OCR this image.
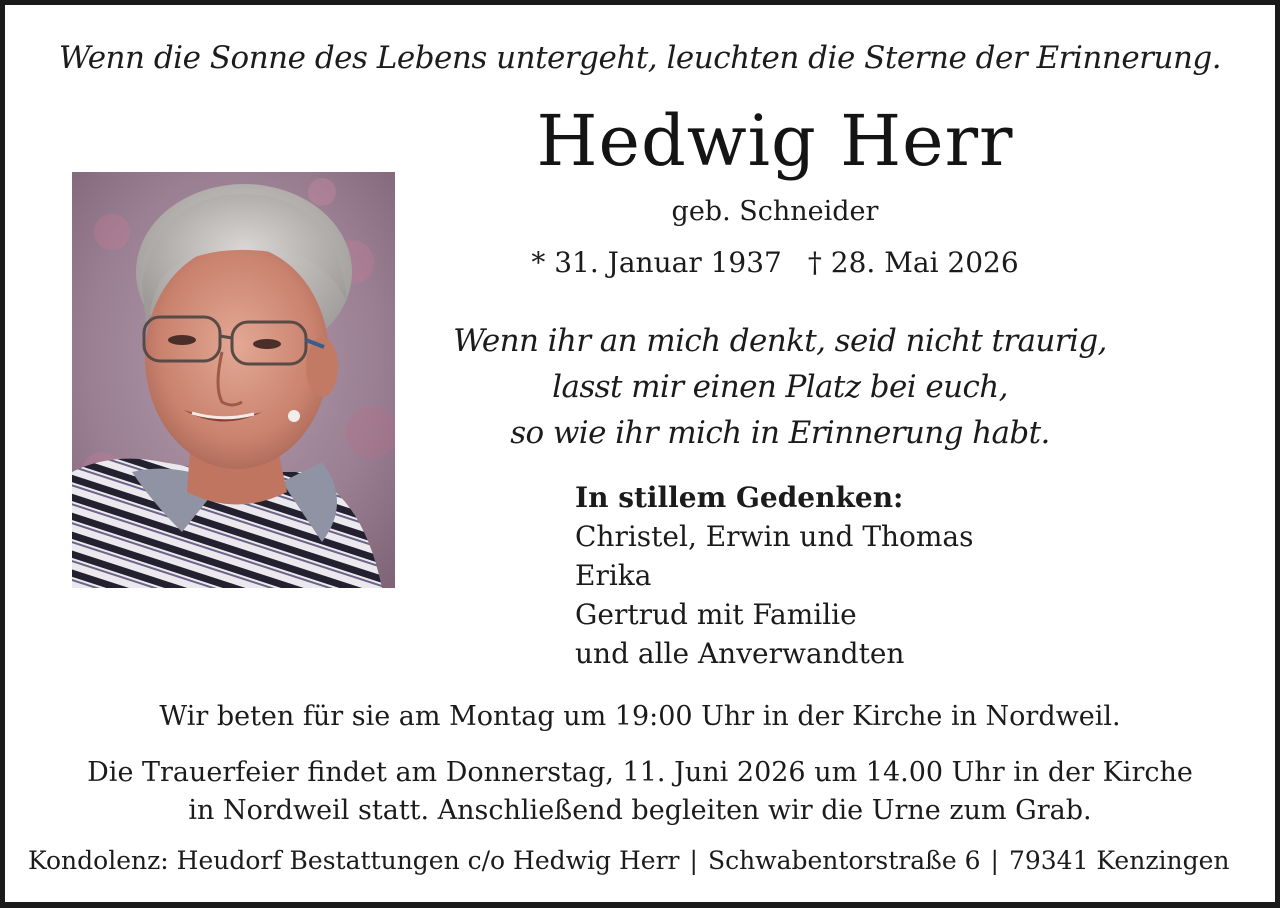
Wenn die Sonne des Lebens untergeht, leuchten die Sterne der Erinnerung.
Hedwig Herr
geb. Schneider
* 31. Januar 1937 † 28. Mai 2026
Wenn ihr an mich denkt, seid nicht traurig,
lasst mir einen Platz bei euch,
so wie ihr mich in Erinnerung habt.
In stillem Gedenken:
Christel, Erwin und Thomas
Erika
Gertrud mit Familie
und alle Anverwandten
Wir beten für sie am Montag um 19:00 Uhr in der Kirche in Nordweil.
Die Trauerfeier findet am Donnerstag, 11. Juni 2026 um 14.00 Uhr in der Kirche
in Nordweil statt. Anschließend begleiten wir die Urne zum Grab.
Kondolenz: Heudorf Bestattungen c/o Hedwig Herr | Schwabentorstraße 6 | 79341 Kenzingen
